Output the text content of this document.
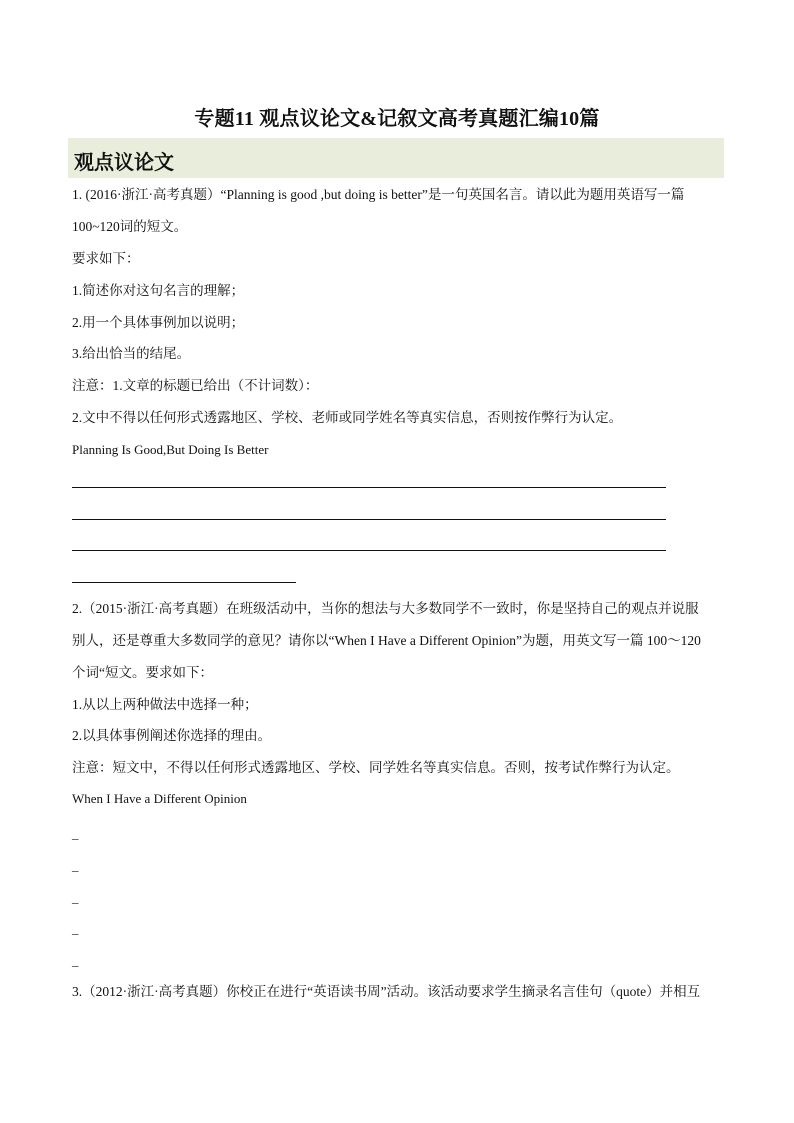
专题11 观点议论文&记叙文高考真题汇编10篇
观点议论文
1. (2016·浙江·高考真题）“Planning is good ,but doing is better”是一句英国名言。请以此为题用英语写一篇
100~120词的短文。
要求如下：
1.简述你对这句名言的理解；
2.用一个具体事例加以说明；
3.给出恰当的结尾。
注意：1.文章的标题已给出（不计词数）：
2.文中不得以任何形式透露地区、学校、老师或同学姓名等真实信息，否则按作弊行为认定。
Planning Is Good,But Doing Is Better
2.（2015·浙江·高考真题）在班级活动中，当你的想法与大多数同学不一致时，你是坚持自己的观点并说服
别人，还是尊重大多数同学的意见？请你以“When I Have a Different Opinion”为题，用英文写一篇 100～120
个词“短文。要求如下：
1.从以上两种做法中选择一种；
2.以具体事例阐述你选择的理由。
注意：短文中，不得以任何形式透露地区、学校、同学姓名等真实信息。否则，按考试作弊行为认定。
When I Have a Different Opinion
_
_
_
_
_
3.（2012·浙江·高考真题）你校正在进行“英语读书周”活动。该活动要求学生摘录名言佳句（quote）并相互
